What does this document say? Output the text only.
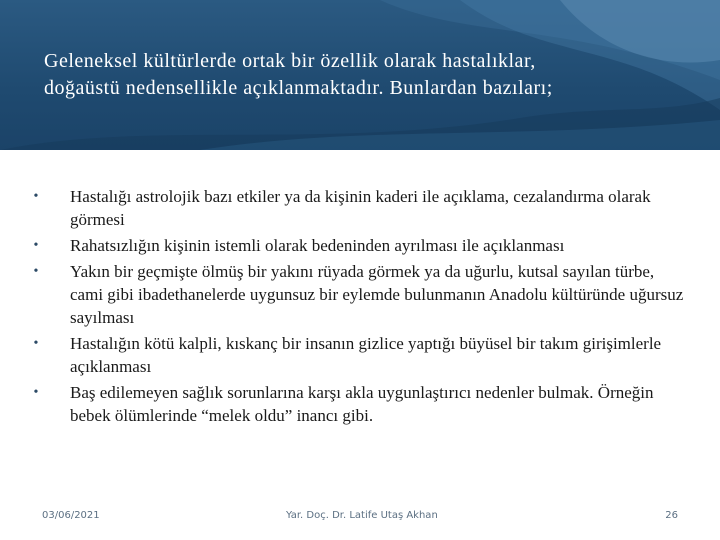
Geleneksel kültürlerde ortak bir özellik olarak hastalıklar,
doğaüstü nedensellikle açıklanmaktadır. Bunlardan bazıları;
•	Hastalığı astrolojik bazı etkiler ya da kişinin kaderi ile açıklama, cezalandırma olarak görmesi
•	Rahatsızlığın kişinin istemli olarak bedeninden ayrılması ile açıklanması
•	Yakın bir geçmişte ölmüş bir yakını rüyada görmek ya da uğurlu, kutsal sayılan türbe, cami gibi ibadethanelerde uygunsuz bir eylemde bulunmanın Anadolu kültüründe uğursuz sayılması
•	Hastalığın kötü kalpli, kıskanç bir insanın gizlice yaptığı büyüsel bir takım girişimlerle açıklanması
•	Baş edilemeyen sağlık sorunlarına karşı akla uygunlaştırıcı nedenler bulmak. Örneğin bebek ölümlerinde “melek oldu” inancı gibi.
03/06/2021	Yar. Doç. Dr. Latife Utaş Akhan	26
